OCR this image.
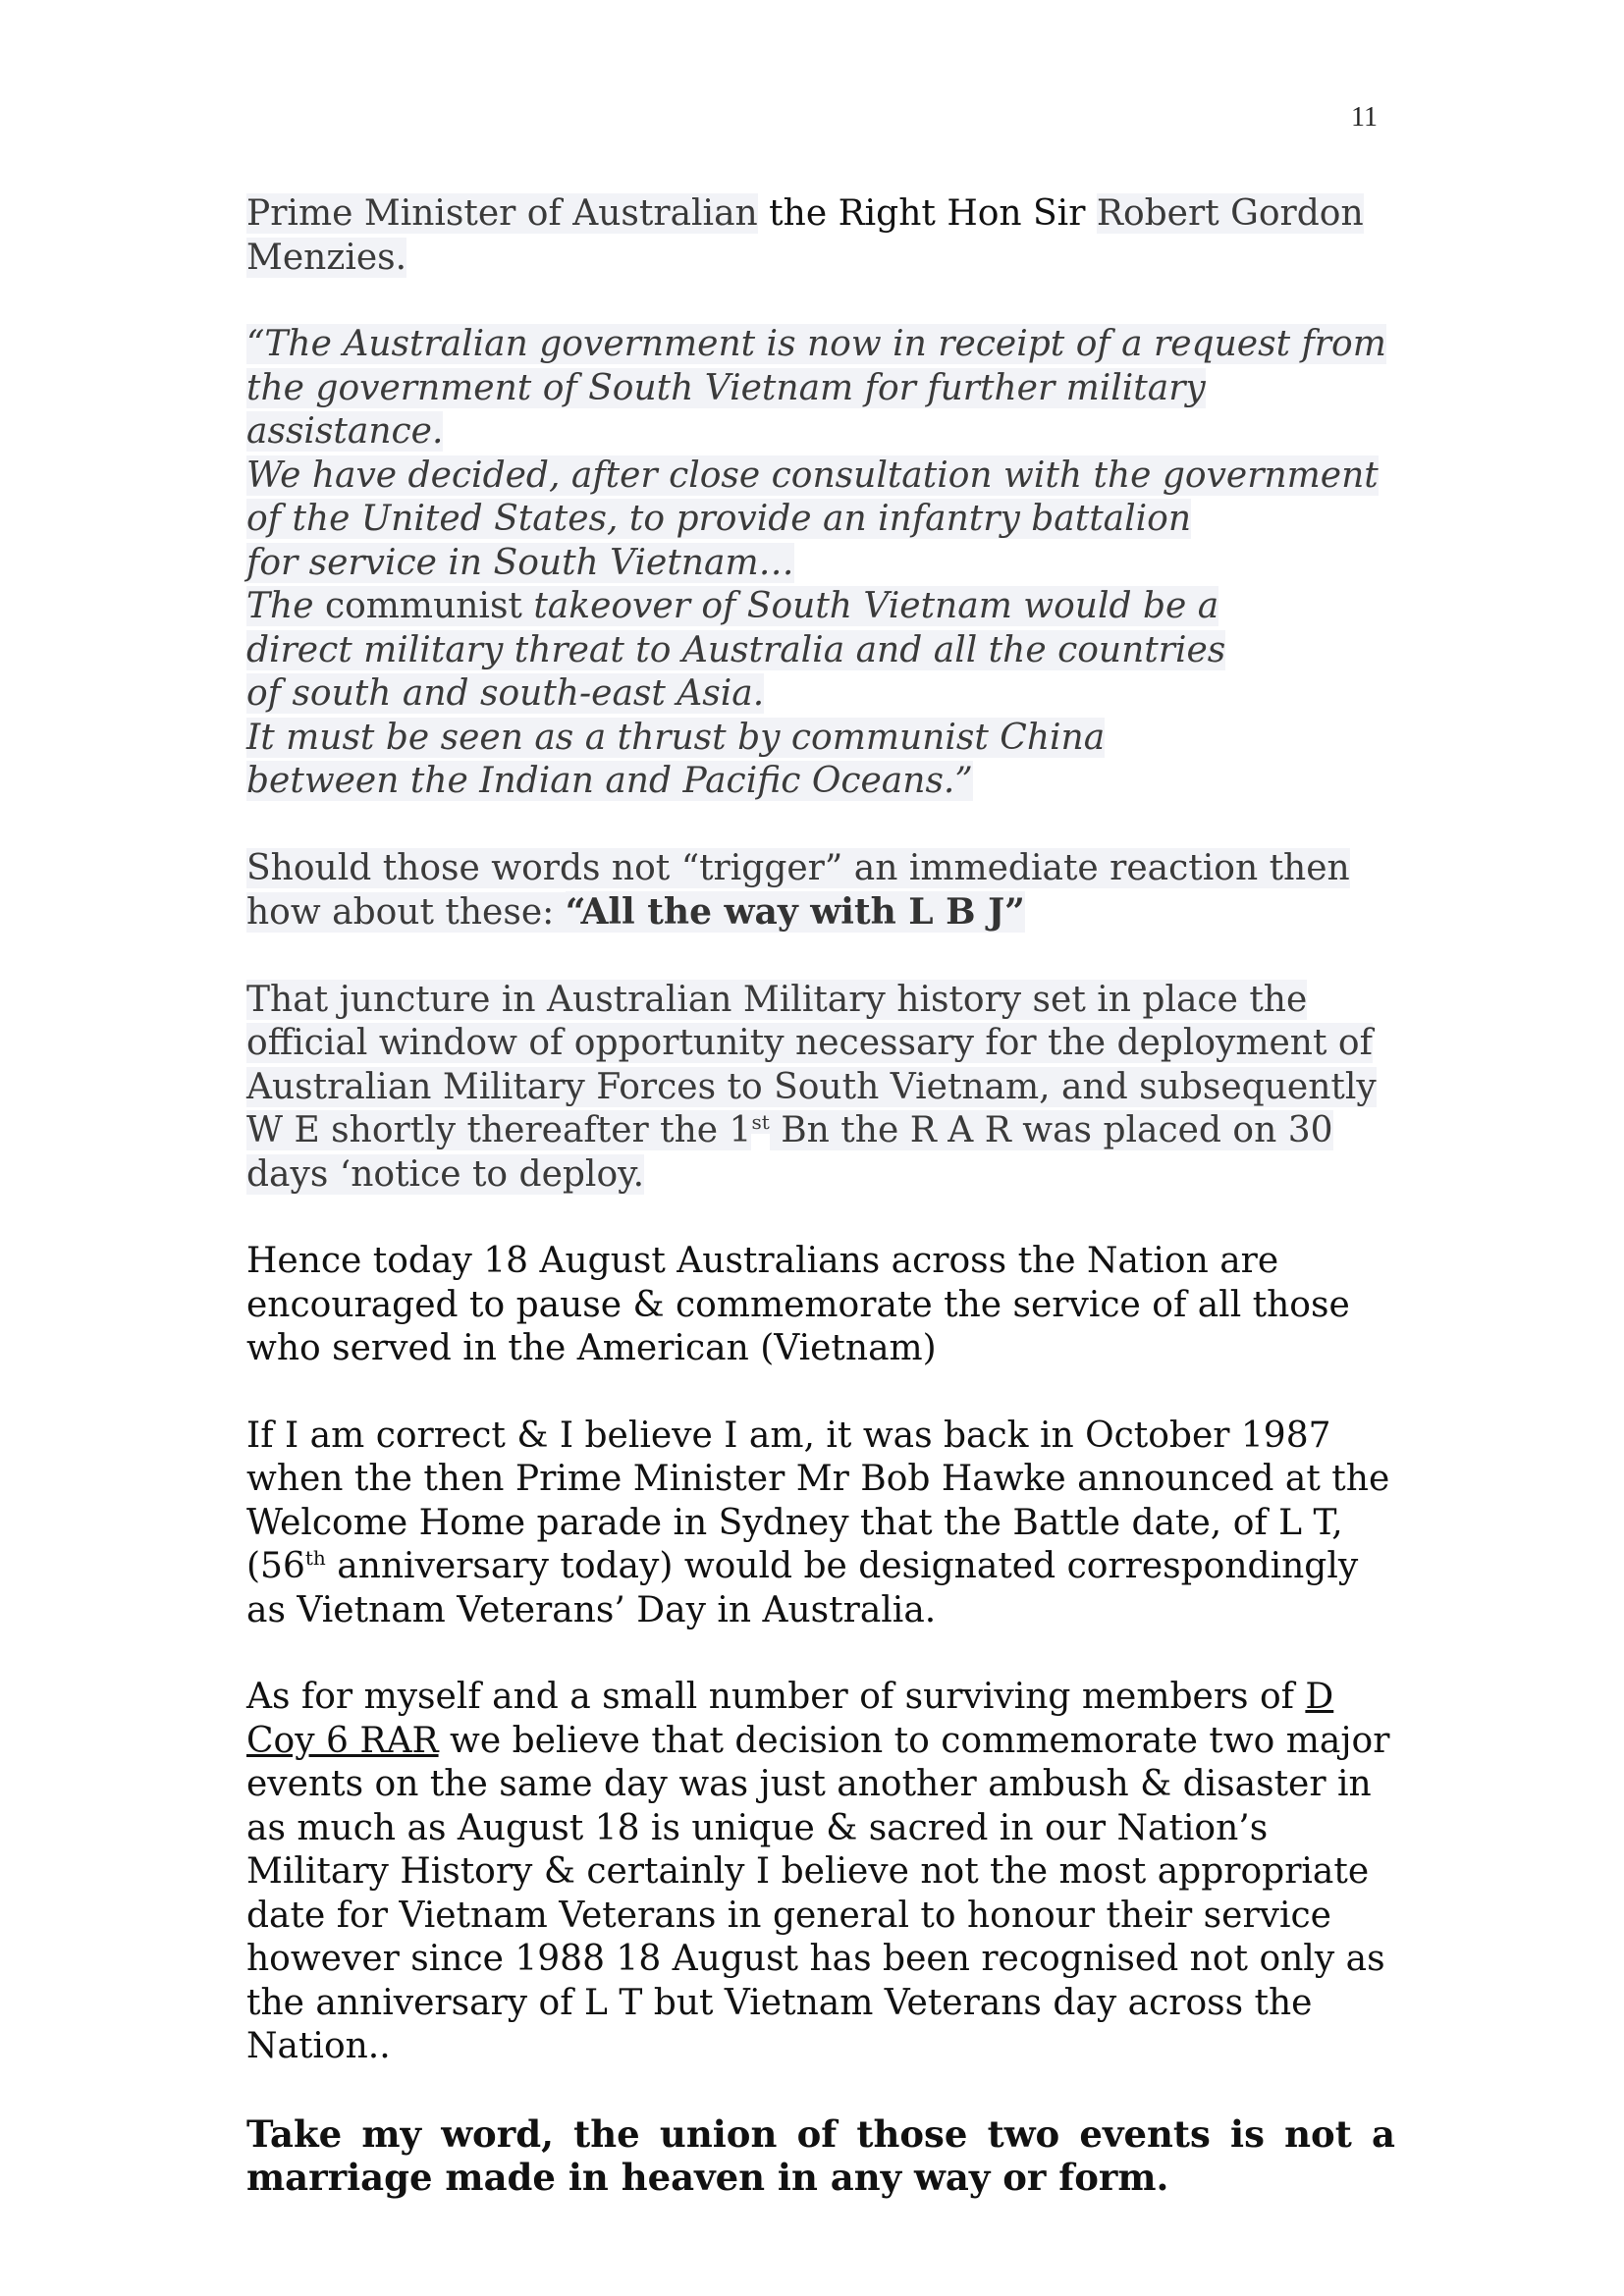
11

Prime Minister of Australian the Right Hon Sir Robert Gordon Menzies.

“The Australian government is now in receipt of a request from
the government of South Vietnam for further military assistance.
We have decided, after close consultation with the government
of the United States, to provide an infantry battalion
for service in South Vietnam…
The communist takeover of South Vietnam would be a
direct military threat to Australia and all the countries
of south and south-east Asia.
It must be seen as a thrust by communist China
between the Indian and Pacific Oceans.”

Should those words not “trigger” an immediate reaction then how about these: “All the way with L B J”

That juncture in Australian Military history set in place the official window of opportunity necessary for the deployment of Australian Military Forces to South Vietnam, and subsequently W E shortly thereafter the 1st Bn the R A R was placed on 30 days ‘notice to deploy.

Hence today 18 August Australians across the Nation are encouraged to pause & commemorate the service of all those who served in the American (Vietnam)

If I am correct & I believe I am, it was back in October 1987 when the then Prime Minister Mr Bob Hawke announced at the Welcome Home parade in Sydney that the Battle date, of L T, (56th anniversary today) would be designated correspondingly as Vietnam Veterans’ Day in Australia.

As for myself and a small number of surviving members of D Coy 6 RAR we believe that decision to commemorate two major events on the same day was just another ambush & disaster in as much as August 18 is unique & sacred in our Nation’s Military History & certainly I believe not the most appropriate date for Vietnam Veterans in general to honour their service however since 1988 18 August has been recognised not only as the anniversary of L T but Vietnam Veterans day across the Nation..

Take my word, the union of those two events is not a marriage made in heaven in any way or form.
